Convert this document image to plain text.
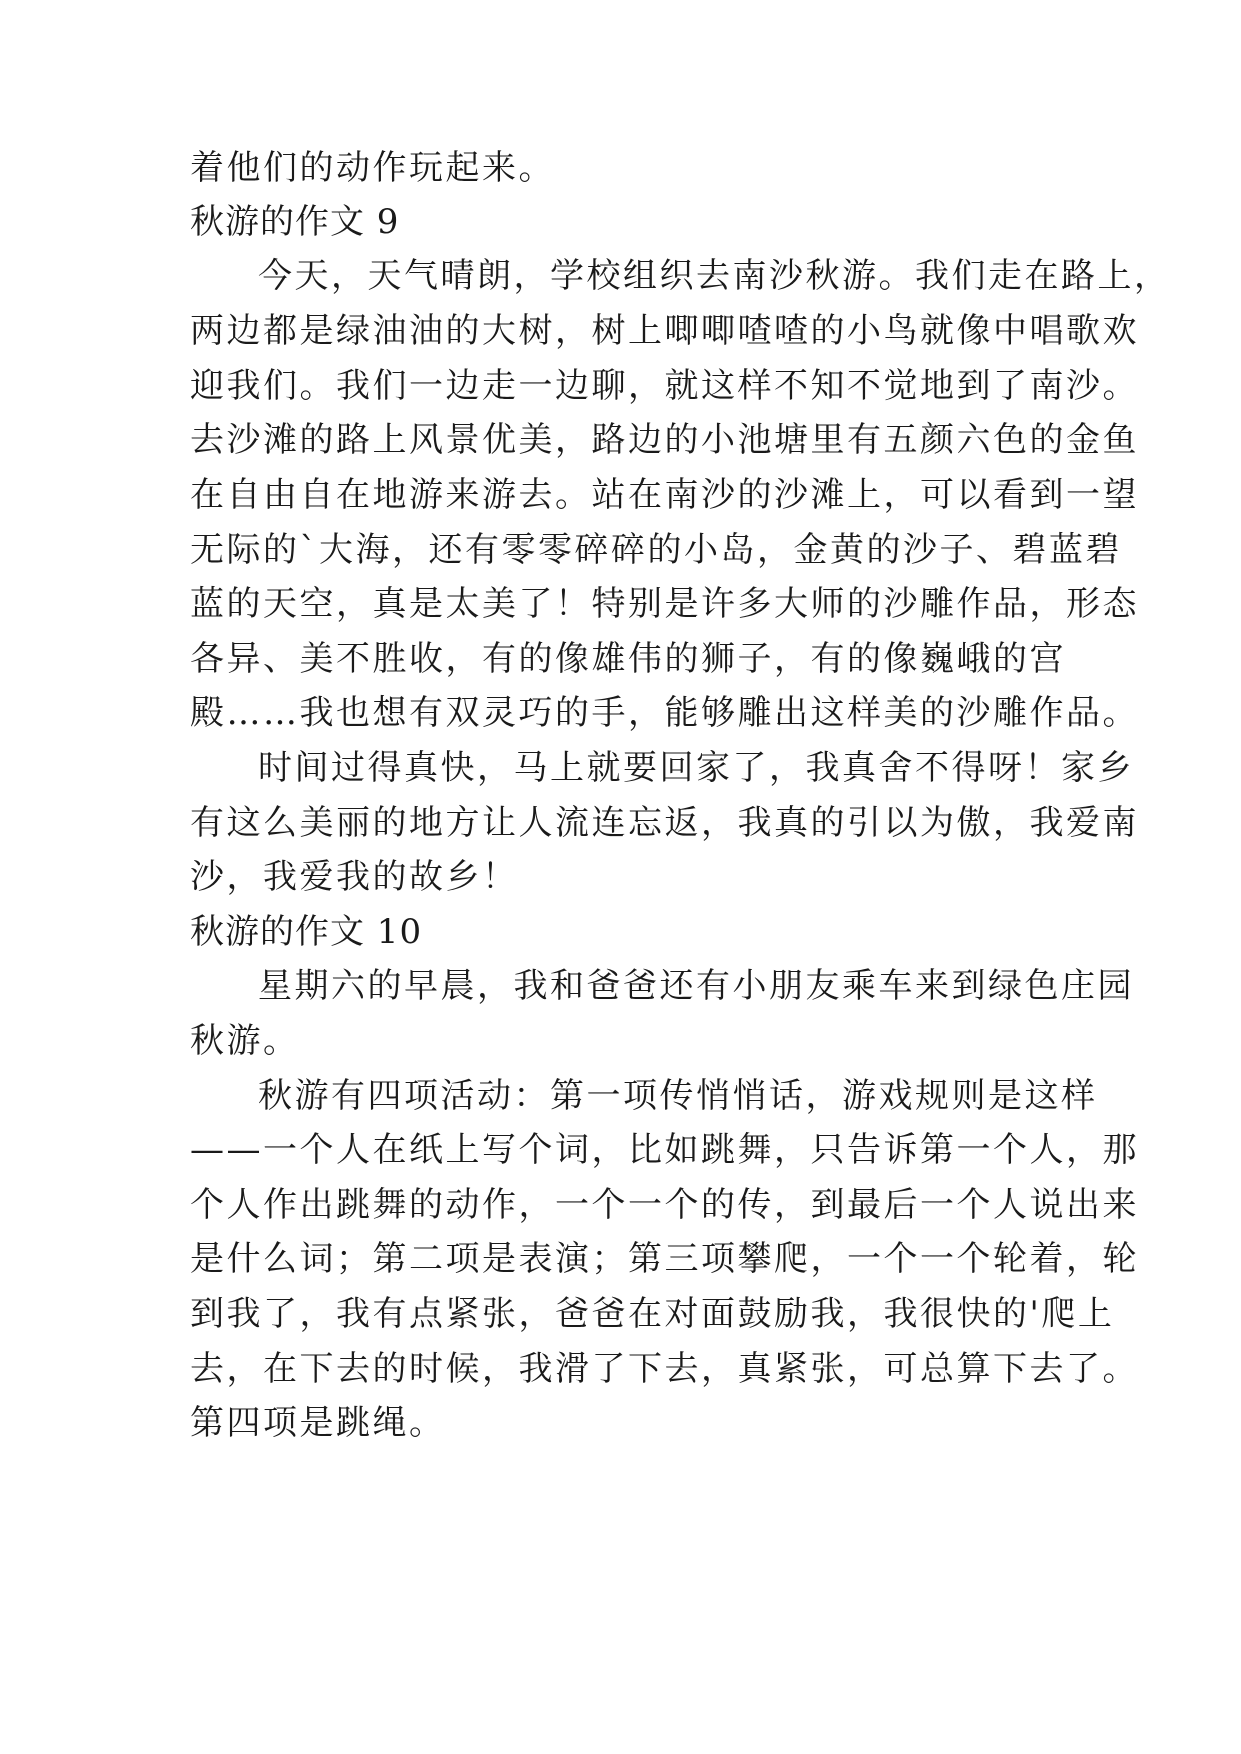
着他们的动作玩起来。
秋游的作文 9
今天，天气晴朗，学校组织去南沙秋游。我们走在路上，
两边都是绿油油的大树，树上唧唧喳喳的小鸟就像中唱歌欢
迎我们。我们一边走一边聊，就这样不知不觉地到了南沙。
去沙滩的路上风景优美，路边的小池塘里有五颜六色的金鱼
在自由自在地游来游去。站在南沙的沙滩上，可以看到一望
无际的`大海，还有零零碎碎的小岛，金黄的沙子、碧蓝碧
蓝的天空，真是太美了！特别是许多大师的沙雕作品，形态
各异、美不胜收，有的像雄伟的狮子，有的像巍峨的宫
殿……我也想有双灵巧的手，能够雕出这样美的沙雕作品。
时间过得真快，马上就要回家了，我真舍不得呀！家乡
有这么美丽的地方让人流连忘返，我真的引以为傲，我爱南
沙，我爱我的故乡！
秋游的作文 10
星期六的早晨，我和爸爸还有小朋友乘车来到绿色庄园
秋游。
秋游有四项活动：第一项传悄悄话，游戏规则是这样
——一个人在纸上写个词，比如跳舞，只告诉第一个人，那
个人作出跳舞的动作，一个一个的传，到最后一个人说出来
是什么词；第二项是表演；第三项攀爬，一个一个轮着，轮
到我了，我有点紧张，爸爸在对面鼓励我，我很快的'爬上
去，在下去的时候，我滑了下去，真紧张，可总算下去了。
第四项是跳绳。
